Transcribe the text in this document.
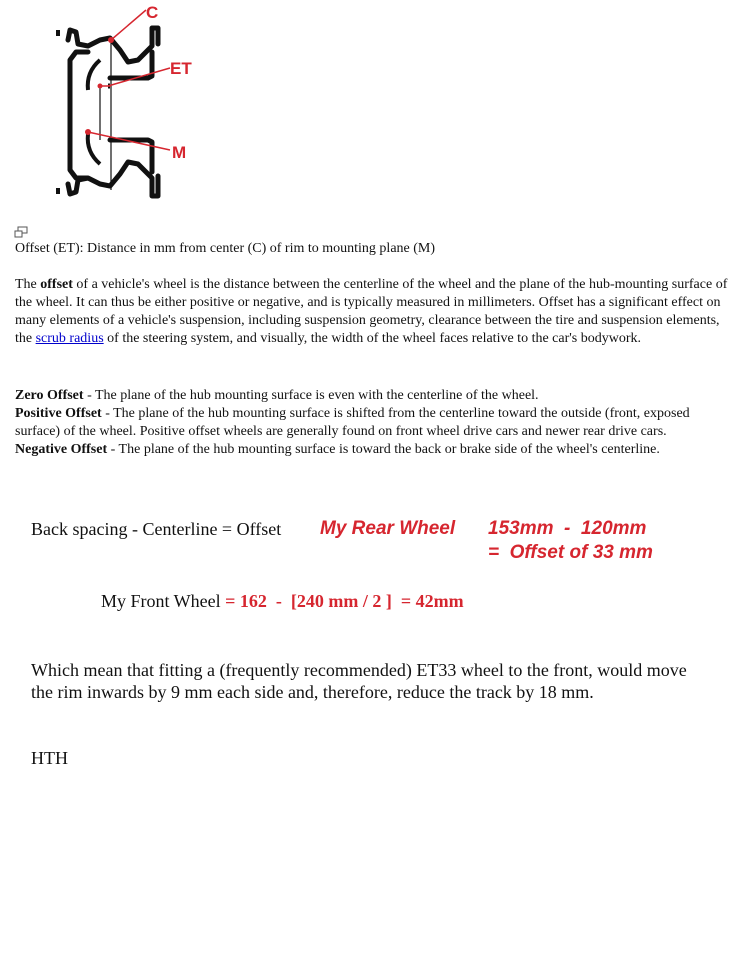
C
ET
M

Offset (ET): Distance in mm from center (C) of rim to mounting plane (M)

The offset of a vehicle's wheel is the distance between the centerline of the wheel and the plane of the hub-mounting surface of the wheel. It can thus be either positive or negative, and is typically measured in millimeters. Offset has a significant effect on many elements of a vehicle's suspension, including suspension geometry, clearance between the tire and suspension elements, the scrub radius of the steering system, and visually, the width of the wheel faces relative to the car's bodywork.

Zero Offset - The plane of the hub mounting surface is even with the centerline of the wheel.
Positive Offset - The plane of the hub mounting surface is shifted from the centerline toward the outside (front, exposed surface) of the wheel. Positive offset wheels are generally found on front wheel drive cars and newer rear drive cars.
Negative Offset - The plane of the hub mounting surface is toward the back or brake side of the wheel's centerline.

Back spacing - Centerline = Offset My Rear Wheel 153mm  -  120mm
=  Offset of 33 mm
My Front Wheel = 162  -  [240 mm / 2 ]  = 42mm

Which mean that fitting a (frequently recommended) ET33 wheel to the front, would move the rim inwards by 9 mm each side and, therefore, reduce the track by 18 mm.

HTH
